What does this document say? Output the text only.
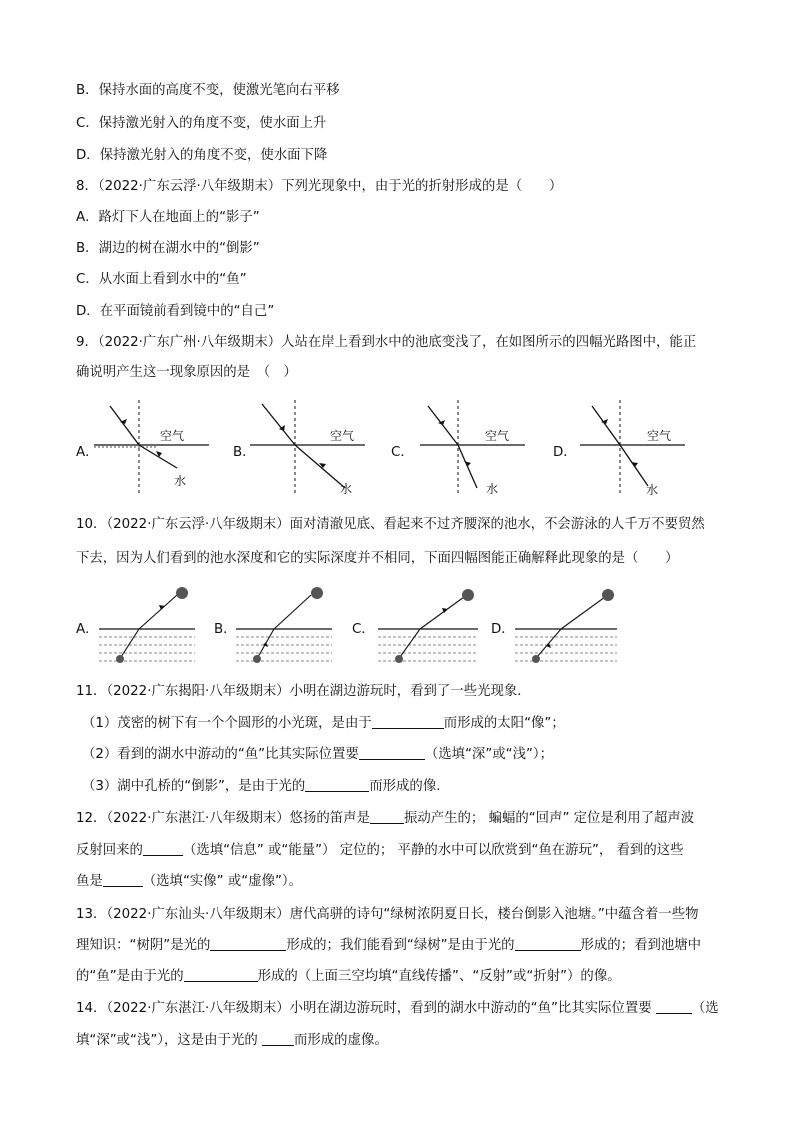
B．保持水面的高度不变，使激光笔向右平移
C．保持激光射入的角度不变，使水面上升
D．保持激光射入的角度不变，使水面下降
8．（2022·广东云浮·八年级期末）下列光现象中，由于光的折射形成的是（　　）
A．路灯下人在地面上的“影子”
B．湖边的树在湖水中的“倒影”
C．从水面上看到水中的“鱼”
D．在平面镜前看到镜中的“自己”
9．（2022·广东广州·八年级期末）人站在岸上看到水中的池底变浅了，在如图所示的四幅光路图中，能正
确说明产生这一现象原因的是　（　）
A．
空气
水
B．
空气
水
C．
空气
水
D．
空气
水
10．（2022·广东云浮·八年级期末）面对清澈见底、看起来不过齐腰深的池水，不会游泳的人千万不要贸然
下去，因为人们看到的池水深度和它的实际深度并不相同，下面四幅图能正确解释此现象的是（　　）
A．	B．	C．	D．
11．（2022·广东揭阳·八年级期末）小明在湖边游玩时，看到了一些光现象．
（1）茂密的树下有一个个圆形的小光斑，是由于	而形成的太阳“像”；
（2）看到的湖水中游动的“鱼”比其实际位置要	（选填“深”或“浅”）；
（3）湖中孔桥的“倒影”，是由于光的	而形成的像.
12．（2022·广东湛江·八年级期末）悠扬的笛声是	振动产生的； 蝙蝠的“回声” 定位是利用了超声波
反射回来的	（选填“信息” 或“能量”） 定位的； 平静的水中可以欣赏到“鱼在游玩”， 看到的这些
鱼是	（选填“实像” 或“虚像”）。
13．（2022·广东汕头·八年级期末）唐代高骈的诗句“绿树浓阴夏日长，楼台倒影入池塘。”中蕴含着一些物
理知识：“树阴”是光的	形成的；我们能看到“绿树”是由于光的	形成的；看到池塘中
的“鱼”是由于光的	形成的（上面三空均填“直线传播”、“反射”或“折射”）的像。
14．（2022·广东湛江·八年级期末）小明在湖边游玩时，看到的湖水中游动的“鱼”比其实际位置要	（选
填“深”或“浅”），这是由于光的	而形成的虚像。
